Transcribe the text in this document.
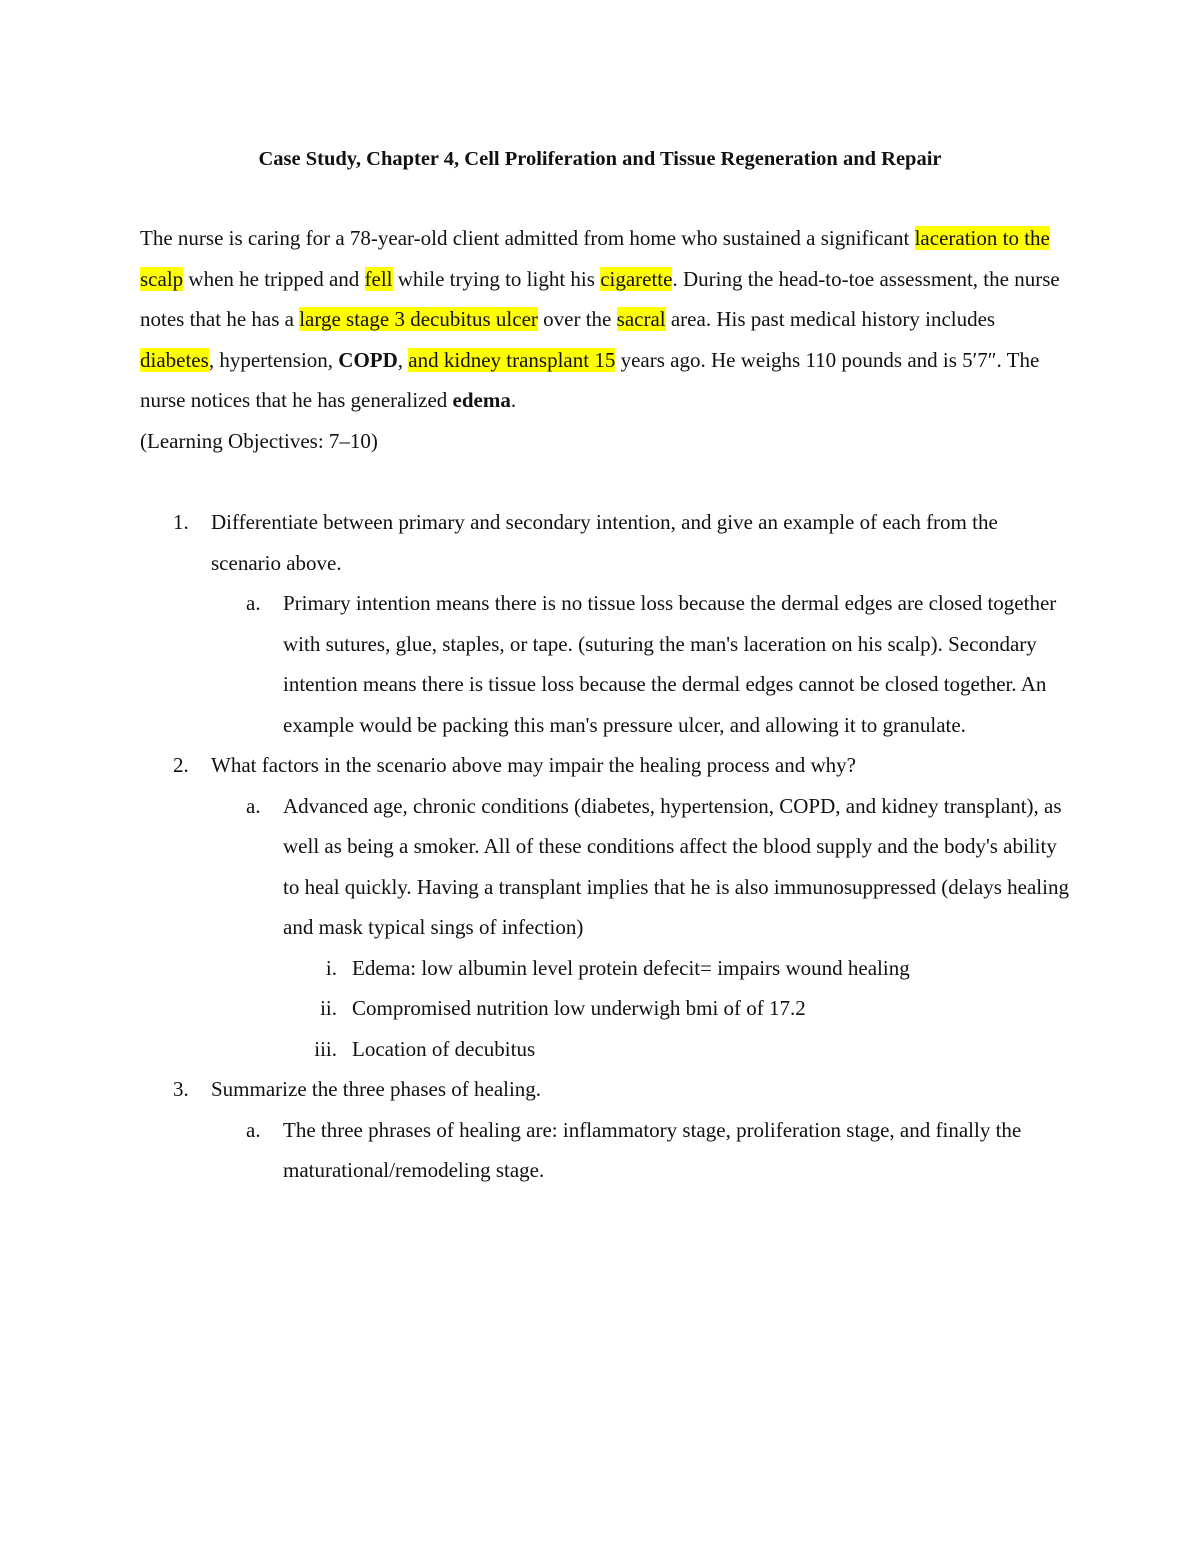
Case Study, Chapter 4, Cell Proliferation and Tissue Regeneration and Repair
The nurse is caring for a 78-year-old client admitted from home who sustained a significant laceration to the scalp when he tripped and fell while trying to light his cigarette. During the head-to-toe assessment, the nurse notes that he has a large stage 3 decubitus ulcer over the sacral area. His past medical history includes diabetes, hypertension, COPD, and kidney transplant 15 years ago. He weighs 110 pounds and is 5′7″. The nurse notices that he has generalized edema.
(Learning Objectives: 7–10)
1. Differentiate between primary and secondary intention, and give an example of each from the scenario above.
a. Primary intention means there is no tissue loss because the dermal edges are closed together with sutures, glue, staples, or tape. (suturing the man's laceration on his scalp). Secondary intention means there is tissue loss because the dermal edges cannot be closed together. An example would be packing this man's pressure ulcer, and allowing it to granulate.
2. What factors in the scenario above may impair the healing process and why?
a. Advanced age, chronic conditions (diabetes, hypertension, COPD, and kidney transplant), as well as being a smoker. All of these conditions affect the blood supply and the body's ability to heal quickly. Having a transplant implies that he is also immunosuppressed (delays healing and mask typical sings of infection)
i. Edema: low albumin level protein defecit= impairs wound healing
ii. Compromised nutrition low underwigh bmi of of 17.2
iii. Location of decubitus
3. Summarize the three phases of healing.
a. The three phrases of healing are: inflammatory stage, proliferation stage, and finally the maturational/remodeling stage.
